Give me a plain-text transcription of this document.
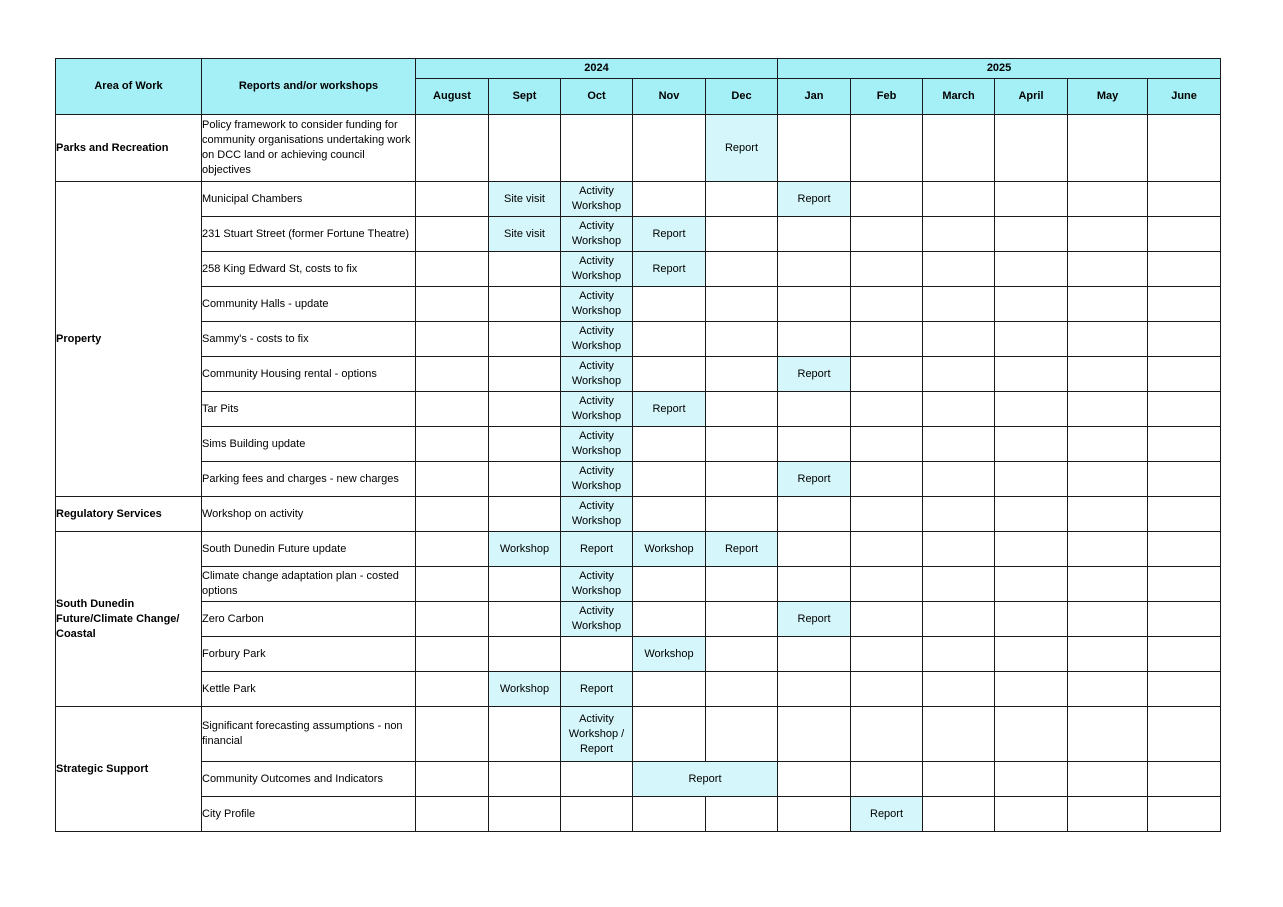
Area of Work	Reports and/or workshops	2024					2025					
		August	Sept	Oct	Nov	Dec	Jan	Feb	March	April	May	June
Parks and Recreation	Policy framework to consider funding for community organisations undertaking work on DCC land or achieving council objectives					Report						
Property	Municipal Chambers		Site visit	Activity Workshop			Report					
	231 Stuart Street (former Fortune Theatre)		Site visit	Activity Workshop	Report							
	258 King Edward St, costs to fix			Activity Workshop	Report							
	Community Halls - update			Activity Workshop								
	Sammy's - costs to fix			Activity Workshop								
	Community Housing rental - options			Activity Workshop			Report					
	Tar Pits			Activity Workshop	Report							
	Sims Building update			Activity Workshop								
	Parking fees and charges - new charges			Activity Workshop			Report					
Regulatory Services	Workshop on activity			Activity Workshop								
South Dunedin Future/Climate Change/ Coastal	South Dunedin Future update		Workshop	Report	Workshop	Report						
	Climate change adaptation plan - costed options			Activity Workshop								
	Zero Carbon			Activity Workshop			Report					
	Forbury Park				Workshop							
	Kettle Park		Workshop	Report								
Strategic Support	Significant forecasting assumptions - non financial			Activity Workshop / Report								
	Community Outcomes and Indicators				Report							
	City Profile							Report				
